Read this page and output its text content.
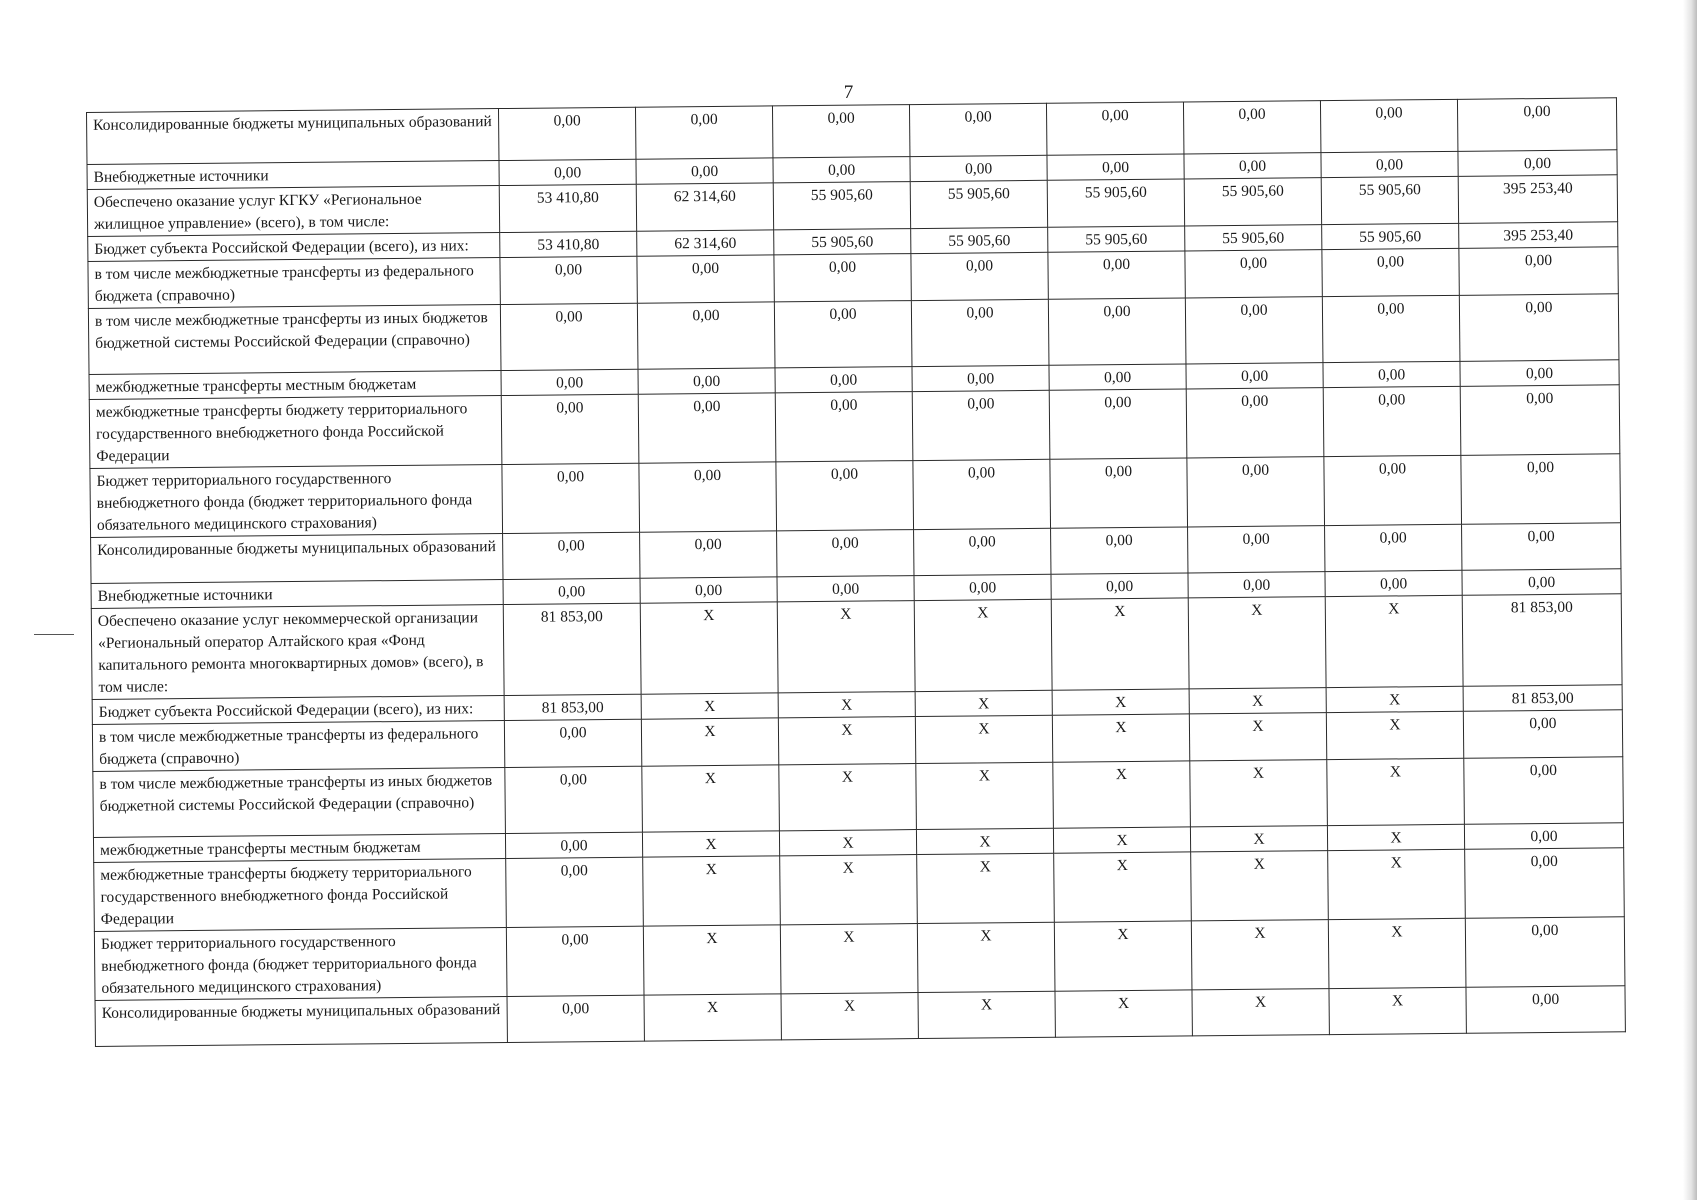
7
Консолидированные бюджеты муниципальных образований	0,00	0,00	0,00	0,00	0,00	0,00	0,00	0,00
Внебюджетные источники	0,00	0,00	0,00	0,00	0,00	0,00	0,00	0,00
Обеспечено оказание услуг КГКУ «Региональное жилищное управление» (всего), в том числе:	53 410,80	62 314,60	55 905,60	55 905,60	55 905,60	55 905,60	55 905,60	395 253,40
Бюджет субъекта Российской Федерации (всего), из них:	53 410,80	62 314,60	55 905,60	55 905,60	55 905,60	55 905,60	55 905,60	395 253,40
в том числе межбюджетные трансферты из федерального бюджета (справочно)	0,00	0,00	0,00	0,00	0,00	0,00	0,00	0,00
в том числе межбюджетные трансферты из иных бюджетов бюджетной системы Российской Федерации (справочно)	0,00	0,00	0,00	0,00	0,00	0,00	0,00	0,00
межбюджетные трансферты местным бюджетам	0,00	0,00	0,00	0,00	0,00	0,00	0,00	0,00
межбюджетные трансферты бюджету территориального государственного внебюджетного фонда Российской Федерации	0,00	0,00	0,00	0,00	0,00	0,00	0,00	0,00
Бюджет территориального государственного внебюджетного фонда (бюджет территориального фонда обязательного медицинского страхования)	0,00	0,00	0,00	0,00	0,00	0,00	0,00	0,00
Консолидированные бюджеты муниципальных образований	0,00	0,00	0,00	0,00	0,00	0,00	0,00	0,00
Внебюджетные источники	0,00	0,00	0,00	0,00	0,00	0,00	0,00	0,00
Обеспечено оказание услуг некоммерческой организации «Региональный оператор Алтайского края «Фонд капитального ремонта многоквартирных домов» (всего), в том числе:	81 853,00	X	X	X	X	X	X	81 853,00
Бюджет субъекта Российской Федерации (всего), из них:	81 853,00	X	X	X	X	X	X	81 853,00
в том числе межбюджетные трансферты из федерального бюджета (справочно)	0,00	X	X	X	X	X	X	0,00
в том числе межбюджетные трансферты из иных бюджетов бюджетной системы Российской Федерации (справочно)	0,00	X	X	X	X	X	X	0,00
межбюджетные трансферты местным бюджетам	0,00	X	X	X	X	X	X	0,00
межбюджетные трансферты бюджету территориального государственного внебюджетного фонда Российской Федерации	0,00	X	X	X	X	X	X	0,00
Бюджет территориального государственного внебюджетного фонда (бюджет территориального фонда обязательного медицинского страхования)	0,00	X	X	X	X	X	X	0,00
Консолидированные бюджеты муниципальных образований	0,00	X	X	X	X	X	X	0,00
